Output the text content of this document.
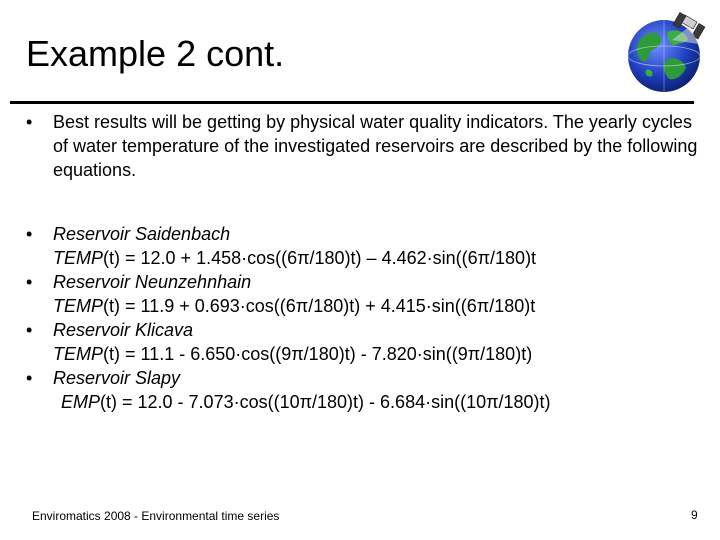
Example 2 cont.
• Best results will be getting by physical water quality indicators. The yearly cycles of water temperature of the investigated reservoirs are described by the following equations.
• Reservoir Saidenbach
TEMP(t) = 12.0 + 1.458·cos((6π/180)t) – 4.462·sin((6π/180)t
• Reservoir Neunzehnhain
TEMP(t) = 11.9 + 0.693·cos((6π/180)t) + 4.415·sin((6π/180)t
• Reservoir Klicava
TEMP(t) = 11.1 - 6.650·cos((9π/180)t) - 7.820·sin((9π/180)t)
• Reservoir Slapy
EMP(t) = 12.0 - 7.073·cos((10π/180)t) - 6.684·sin((10π/180)t)
Enviromatics 2008 - Environmental time series	9
